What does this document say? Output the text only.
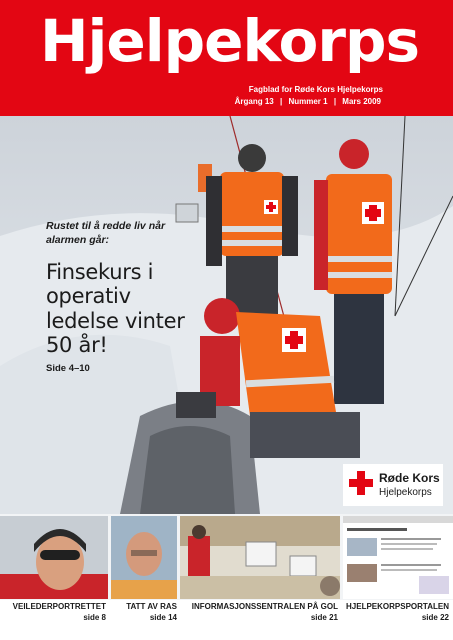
Hjelpekorps
Fagblad for Røde Kors Hjelpekorps
Årgang 13 | Nummer 1 | Mars 2009
Rustet til å redde liv når alarmen går:
Finsekurs i operativ ledelse vinter 50 år!
Side 4–10
Røde Kors
Hjelpekorps
VEILEDERPORTRETTET
side 8
TATT AV RAS
side 14
INFORMASJONSSENTRALEN PÅ GOL
side 21
HJELPEKORPSPORTALEN
side 22
